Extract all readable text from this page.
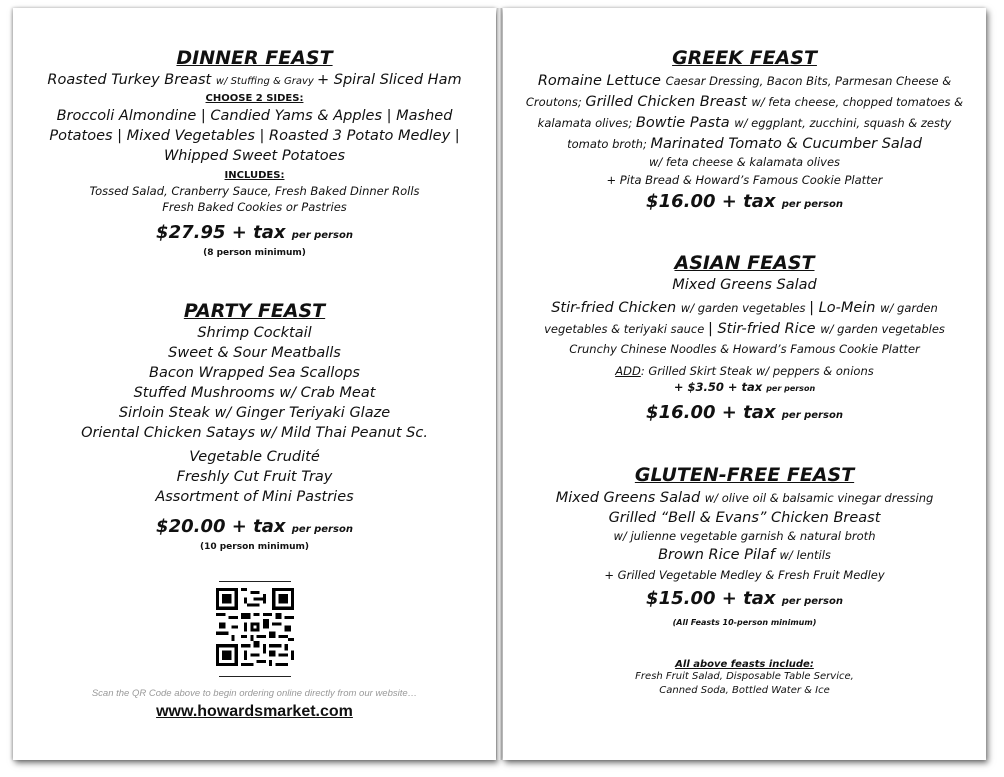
DINNER FEAST
Roasted Turkey Breast w/ Stuffing & Gravy + Spiral Sliced Ham
CHOOSE 2 SIDES:
Broccoli Almondine | Candied Yams & Apples | Mashed
Potatoes | Mixed Vegetables | Roasted 3 Potato Medley |
Whipped Sweet Potatoes
INCLUDES:
Tossed Salad, Cranberry Sauce, Fresh Baked Dinner Rolls
Fresh Baked Cookies or Pastries
$27.95 + tax per person
(8 person minimum)
PARTY FEAST
Shrimp Cocktail
Sweet & Sour Meatballs
Bacon Wrapped Sea Scallops
Stuffed Mushrooms w/ Crab Meat
Sirloin Steak w/ Ginger Teriyaki Glaze
Oriental Chicken Satays w/ Mild Thai Peanut Sc.
Vegetable Crudité
Freshly Cut Fruit Tray
Assortment of Mini Pastries
$20.00 + tax per person
(10 person minimum)
Scan the QR Code above to begin ordering online directly from our website…
www.howardsmarket.com
GREEK FEAST
Romaine Lettuce Caesar Dressing, Bacon Bits, Parmesan Cheese &
Croutons; Grilled Chicken Breast w/ feta cheese, chopped tomatoes &
kalamata olives; Bowtie Pasta w/ eggplant, zucchini, squash & zesty
tomato broth; Marinated Tomato & Cucumber Salad
w/ feta cheese & kalamata olives
+ Pita Bread & Howard’s Famous Cookie Platter
$16.00 + tax per person
ASIAN FEAST
Mixed Greens Salad
Stir-fried Chicken w/ garden vegetables | Lo-Mein w/ garden
vegetables & teriyaki sauce | Stir-fried Rice w/ garden vegetables
Crunchy Chinese Noodles & Howard’s Famous Cookie Platter
ADD: Grilled Skirt Steak w/ peppers & onions
+ $3.50 + tax per person
$16.00 + tax per person
GLUTEN-FREE FEAST
Mixed Greens Salad w/ olive oil & balsamic vinegar dressing
Grilled “Bell & Evans” Chicken Breast
w/ julienne vegetable garnish & natural broth
Brown Rice Pilaf w/ lentils
+ Grilled Vegetable Medley & Fresh Fruit Medley
$15.00 + tax per person
(All Feasts 10-person minimum)
All above feasts include:
Fresh Fruit Salad, Disposable Table Service,
Canned Soda, Bottled Water & Ice
